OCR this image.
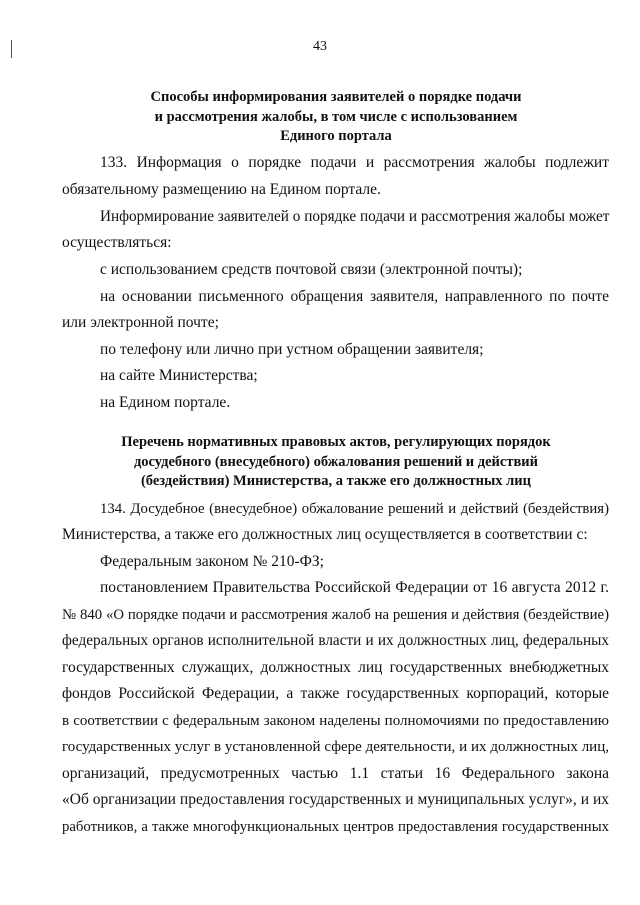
43
Способы информирования заявителей о порядке подачи
и рассмотрения жалобы, в том числе с использованием
Единого портала
133. Информация о порядке подачи и рассмотрения жалобы подлежит
обязательному размещению на Едином портале.
Информирование заявителей о порядке подачи и рассмотрения жалобы может
осуществляться:
с использованием средств почтовой связи (электронной почты);
на основании письменного обращения заявителя, направленного по почте
или электронной почте;
по телефону или лично при устном обращении заявителя;
на сайте Министерства;
на Едином портале.
Перечень нормативных правовых актов, регулирующих порядок
досудебного (внесудебного) обжалования решений и действий
(бездействия) Министерства, а также его должностных лиц
134. Досудебное (внесудебное) обжалование решений и действий (бездействия)
Министерства, а также его должностных лиц осуществляется в соответствии с:
Федеральным законом № 210-ФЗ;
постановлением Правительства Российской Федерации от 16 августа 2012 г.
№ 840 «О порядке подачи и рассмотрения жалоб на решения и действия (бездействие)
федеральных органов исполнительной власти и их должностных лиц, федеральных
государственных служащих, должностных лиц государственных внебюджетных
фондов Российской Федерации, а также государственных корпораций, которые
в соответствии с федеральным законом наделены полномочиями по предоставлению
государственных услуг в установленной сфере деятельности, и их должностных лиц,
организаций, предусмотренных частью 1.1 статьи 16 Федерального закона
«Об организации предоставления государственных и муниципальных услуг», и их
работников, а также многофункциональных центров предоставления государственных
